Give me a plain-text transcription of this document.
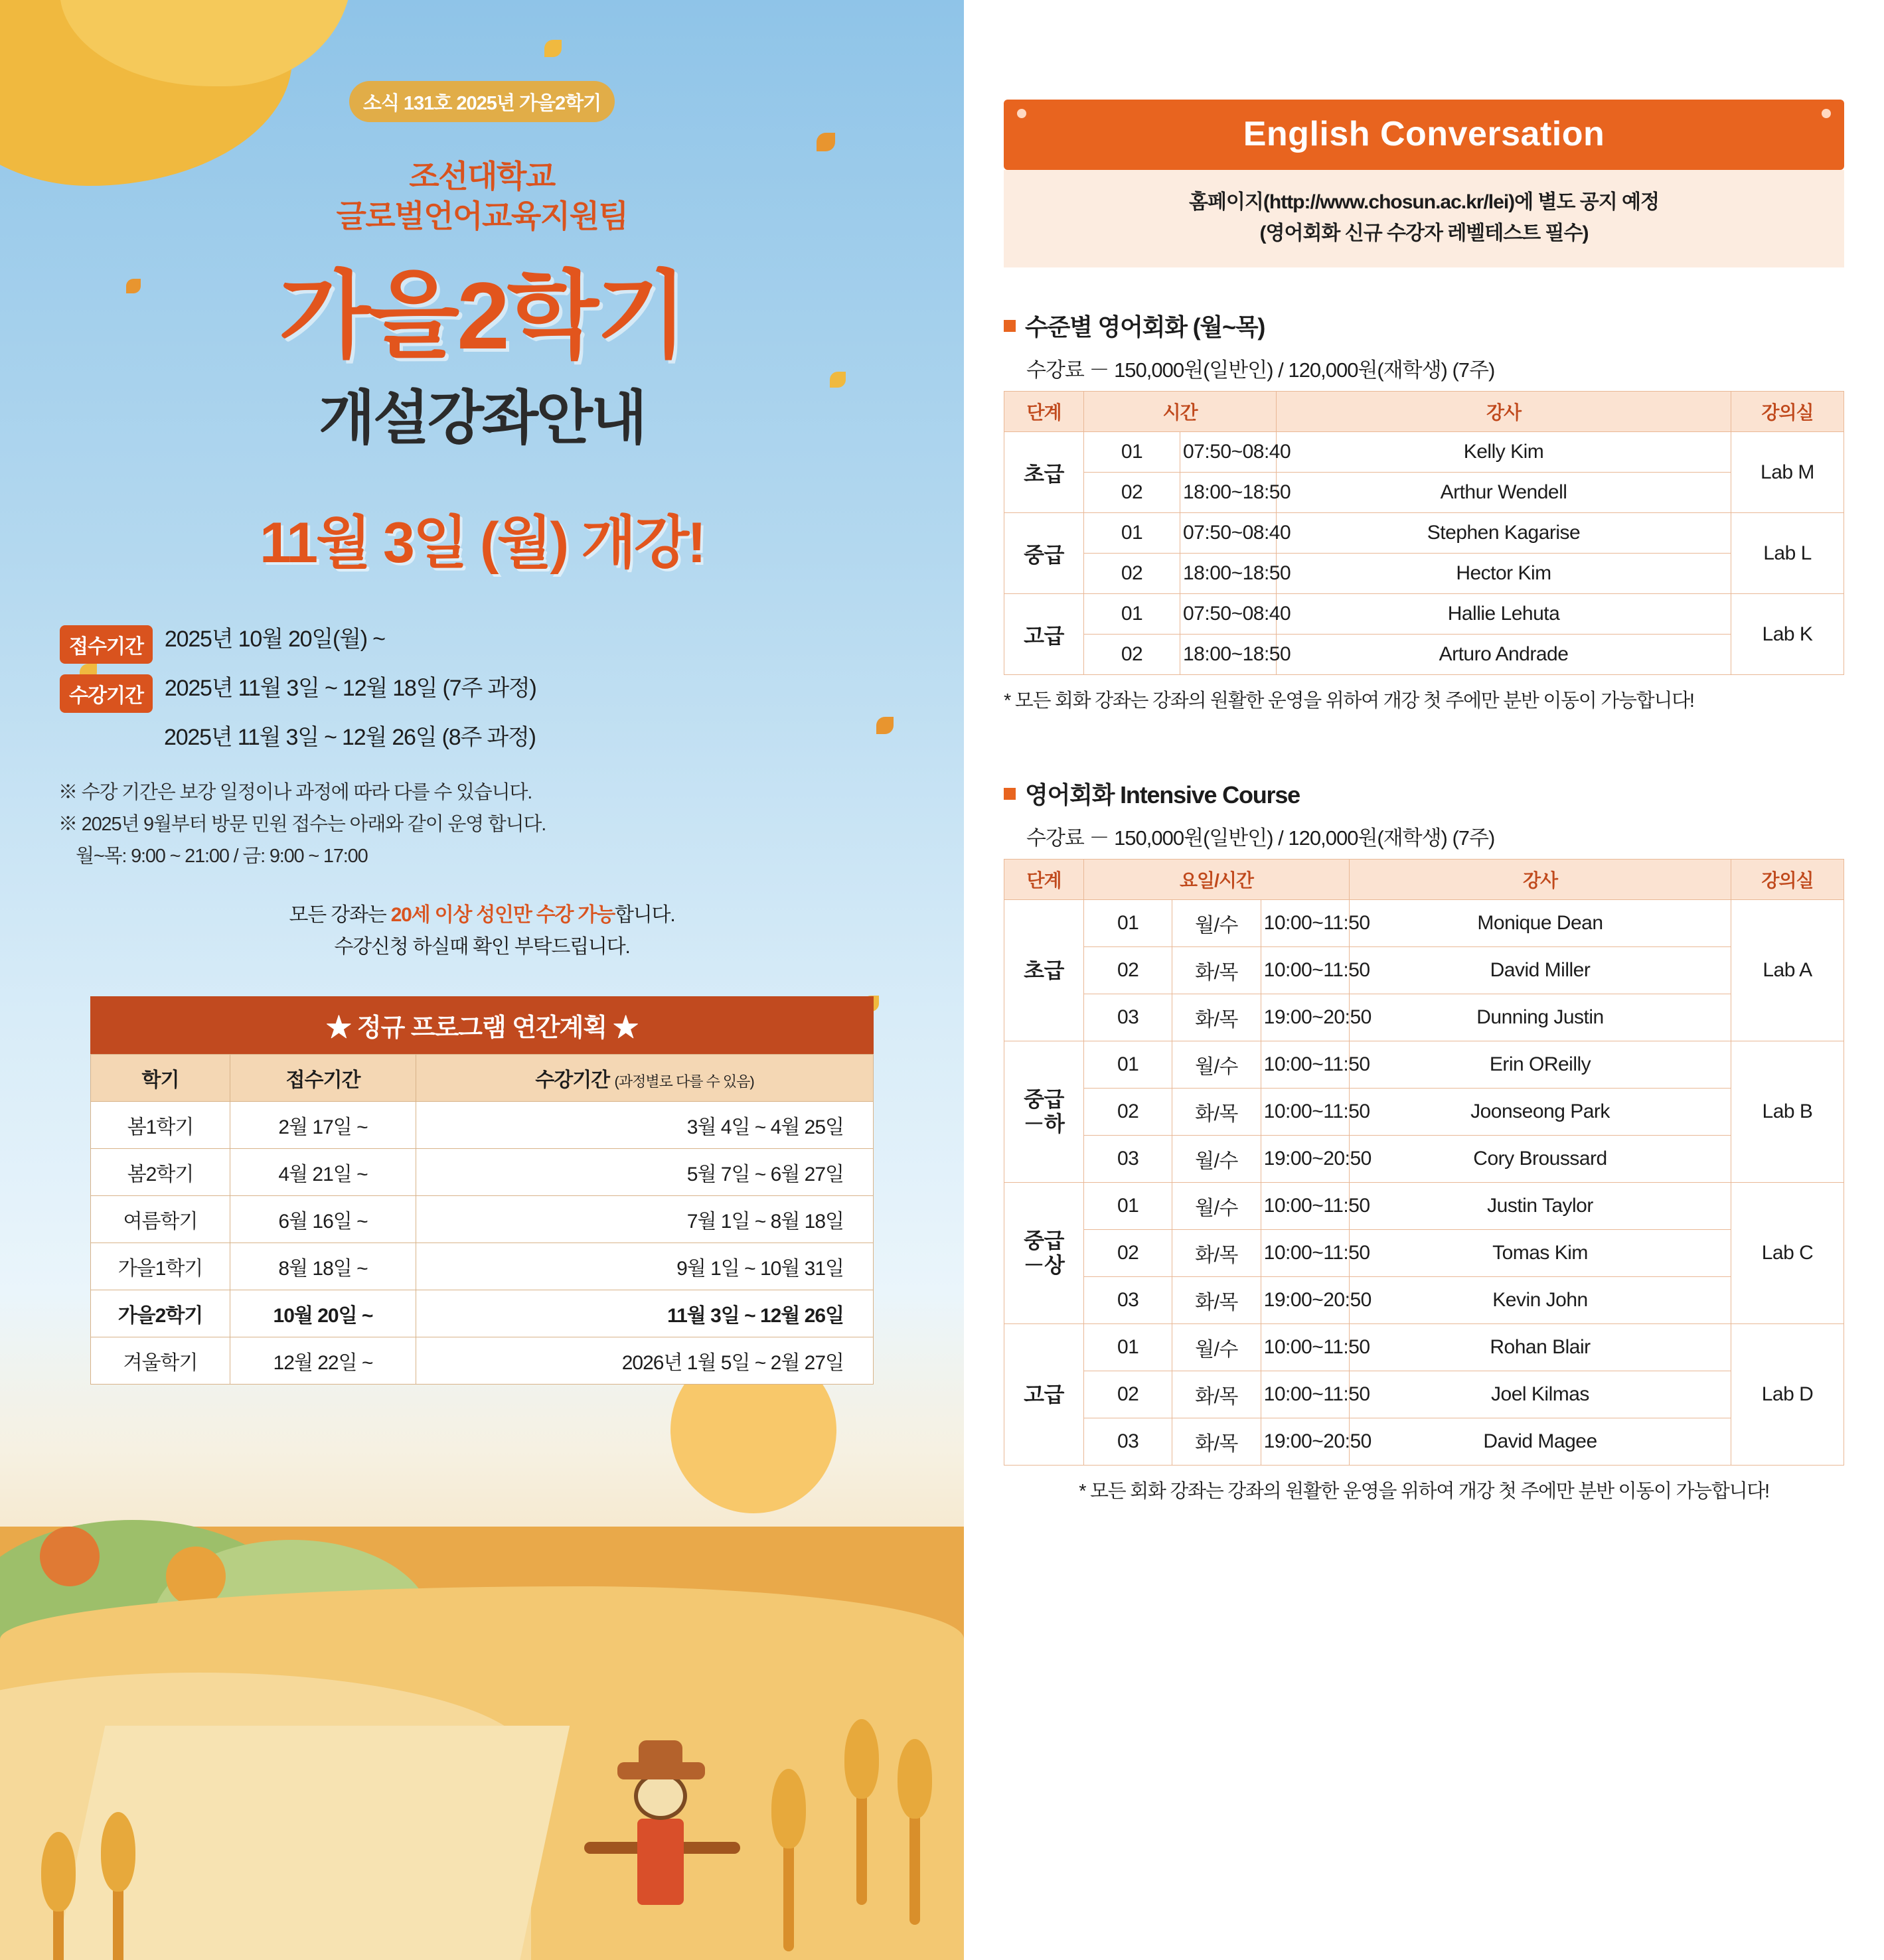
소식 131호 2025년 가을2학기
조선대학교
글로벌언어교육지원팀
가을2학기
개설강좌안내
11월 3일 (월) 개강!
접수기간 2025년 10월 20일(월) ~
수강기간 2025년 11월 3일 ~ 12월 18일 (7주 과정)
2025년 11월 3일 ~ 12월 26일 (8주 과정)
※ 수강 기간은 보강 일정이나 과정에 따라 다를 수 있습니다.
※ 2025년 9월부터 방문 민원 접수는 아래와 같이 운영 합니다.
월~목: 9:00 ~ 21:00 / 금: 9:00 ~ 17:00
모든 강좌는 20세 이상 성인만 수강 가능합니다.
수강신청 하실때 확인 부탁드립니다.
★ 정규 프로그램 연간계획 ★
학기	접수기간	수강기간 (과정별로 다를 수 있음)
봄1학기	2월 17일 ~	3월 4일 ~ 4월 25일
봄2학기	4월 21일 ~	5월 7일 ~ 6월 27일
여름학기	6월 16일 ~	7월 1일 ~ 8월 18일
가을1학기	8월 18일 ~	9월 1일 ~ 10월 31일
가을2학기	10월 20일 ~	11월 3일 ~ 12월 26일
겨울학기	12월 22일 ~	2026년 1월 5일 ~ 2월 27일
English Conversation
홈페이지(http://www.chosun.ac.kr/lei)에 별도 공지 예정
(영어회화 신규 수강자 레벨테스트 필수)
수준별 영어회화 (월~목)
수강료 － 150,000원(일반인) / 120,000원(재학생) (7주)
단계	시간		강사	강의실
초급	01	07:50~08:40	Kelly Kim	Lab M
	02	18:00~18:50	Arthur Wendell	
중급	01	07:50~08:40	Stephen Kagarise	Lab L
	02	18:00~18:50	Hector Kim	
고급	01	07:50~08:40	Hallie Lehuta	Lab K
	02	18:00~18:50	Arturo Andrade	
* 모든 회화 강좌는 강좌의 원활한 운영을 위하여 개강 첫 주에만 분반 이동이 가능합니다!
영어회화 Intensive Course
수강료 － 150,000원(일반인) / 120,000원(재학생) (7주)
단계	요일/시간			강사	강의실

초급	01	월/수	10:00~11:50	Monique Dean	Lab A
	02	화/목	10:00~11:50	David Miller	
	03	화/목	19:00~20:50	Dunning Justin	

중급
－하	01	월/수	10:00~11:50	Erin OReilly	Lab B
	02	화/목	10:00~11:50	Joonseong Park	
	03	월/수	19:00~20:50	Cory Broussard	

중급
－상	01	월/수	10:00~11:50	Justin Taylor	Lab C
	02	화/목	10:00~11:50	Tomas Kim	
	03	화/목	19:00~20:50	Kevin John	

고급	01	월/수	10:00~11:50	Rohan Blair	Lab D
	02	화/목	10:00~11:50	Joel Kilmas	
	03	화/목	19:00~20:50	David Magee	
* 모든 회화 강좌는 강좌의 원활한 운영을 위하여 개강 첫 주에만 분반 이동이 가능합니다!
